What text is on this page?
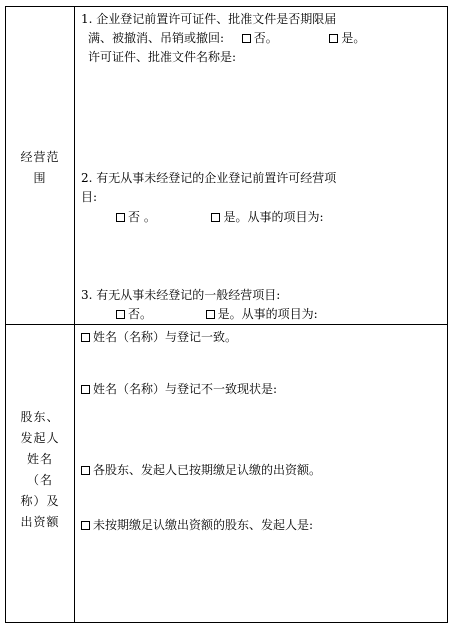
经营范
围
1. 企业登记前置许可证件、批准文件是否期限届
满、被撤消、吊销或撤回: 否。	是。
许可证件、批准文件名称是:
2. 有无从事未经登记的企业登记前置许可经营项
目:
否 。	是。从事的项目为:
3. 有无从事未经登记的一般经营项目:
否。	是。从事的项目为:
股东、
发起人
姓名
（名
称）及
出资额
姓名（名称）与登记一致。
姓名（名称）与登记不一致现状是:
各股东、发起人已按期缴足认缴的出资额。
未按期缴足认缴出资额的股东、发起人是:
